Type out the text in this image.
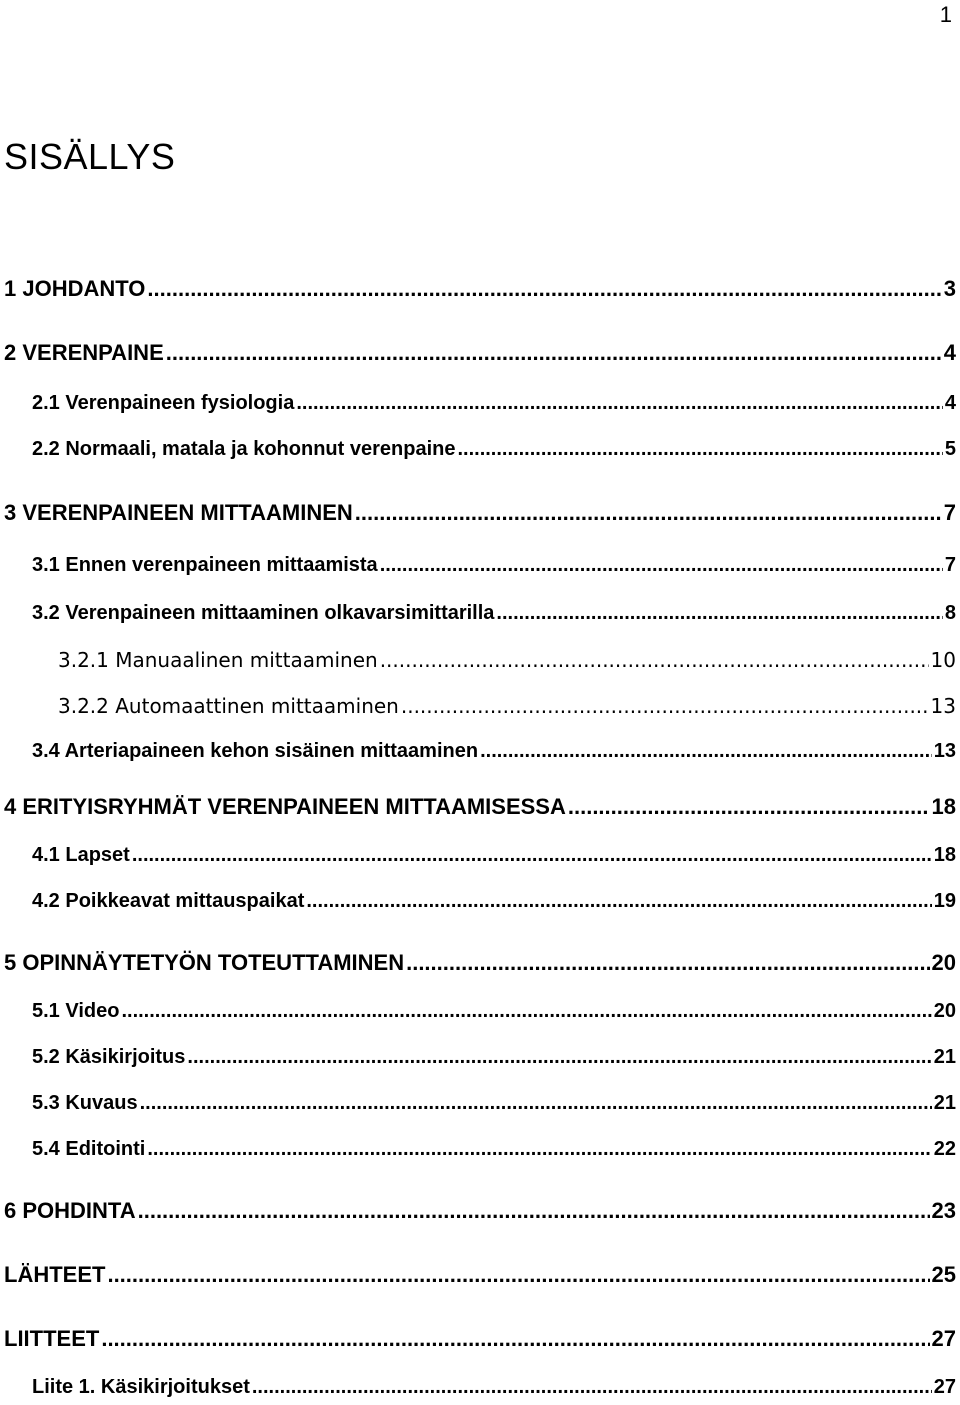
1
SISÄLLYS
1 JOHDANTO .....	3
2 VERENPAINE .....	4
2.1 Verenpaineen fysiologia .....	4
2.2 Normaali, matala ja kohonnut verenpaine .....	5
3 VERENPAINEEN MITTAAMINEN .....	7
3.1 Ennen verenpaineen mittaamista .....	7
3.2 Verenpaineen mittaaminen olkavarsimittarilla .....	8
3.2.1 Manuaalinen mittaaminen .....	10
3.2.2 Automaattinen mittaaminen .....	13
3.4 Arteriapaineen kehon sisäinen mittaaminen .....	13
4 ERITYISRYHMÄT VERENPAINEEN MITTAAMISESSA .....	18
4.1 Lapset .....	18
4.2 Poikkeavat mittauspaikat .....	19
5 OPINNÄYTETYÖN TOTEUTTAMINEN .....	20
5.1 Video .....	20
5.2 Käsikirjoitus .....	21
5.3 Kuvaus .....	21
5.4 Editointi .....	22
6 POHDINTA .....	23
LÄHTEET .....	25
LIITTEET .....	27
Liite 1. Käsikirjoitukset .....	27
